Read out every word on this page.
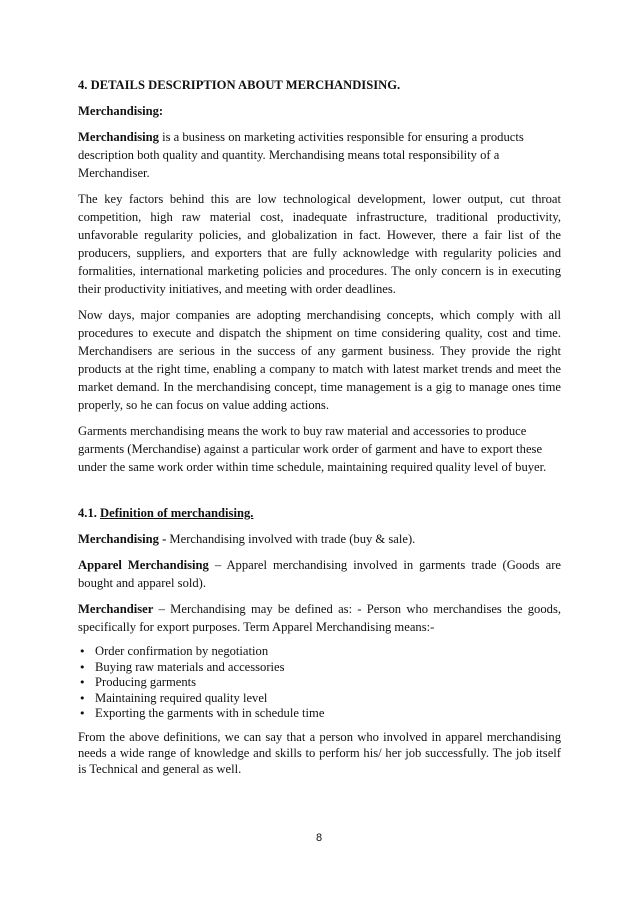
4. DETAILS DESCRIPTION ABOUT MERCHANDISING.
Merchandising:

Merchandising is a business on marketing activities responsible for ensuring a products description both quality and quantity. Merchandising means total responsibility of a Merchandiser.

The key factors behind this are low technological development, lower output, cut throat competition, high raw material cost, inadequate infrastructure, traditional productivity, unfavorable regularity policies, and globalization in fact. However, there a fair list of the producers, suppliers, and exporters that are fully acknowledge with regularity policies and formalities, international marketing policies and procedures. The only concern is in executing their productivity initiatives, and meeting with order deadlines.

Now days, major companies are adopting merchandising concepts, which comply with all procedures to execute and dispatch the shipment on time considering quality, cost and time. Merchandisers are serious in the success of any garment business. They provide the right products at the right time, enabling a company to match with latest market trends and meet the market demand. In the merchandising concept, time management is a gig to manage ones time properly, so he can focus on value adding actions.

Garments merchandising means the work to buy raw material and accessories to produce garments (Merchandise) against a particular work order of garment and have to export these under the same work order within time schedule, maintaining required quality level of buyer.

4.1. Definition of merchandising.

Merchandising - Merchandising involved with trade (buy & sale).

Apparel Merchandising – Apparel merchandising involved in garments trade (Goods are bought and apparel sold).

Merchandiser – Merchandising may be defined as: - Person who merchandises the goods, specifically for export purposes. Term Apparel Merchandising means:-

• Order confirmation by negotiation
• Buying raw materials and accessories
• Producing garments
• Maintaining required quality level
• Exporting the garments with in schedule time

From the above definitions, we can say that a person who involved in apparel merchandising needs a wide range of knowledge and skills to perform his/ her job successfully. The job itself is Technical and general as well.

8
